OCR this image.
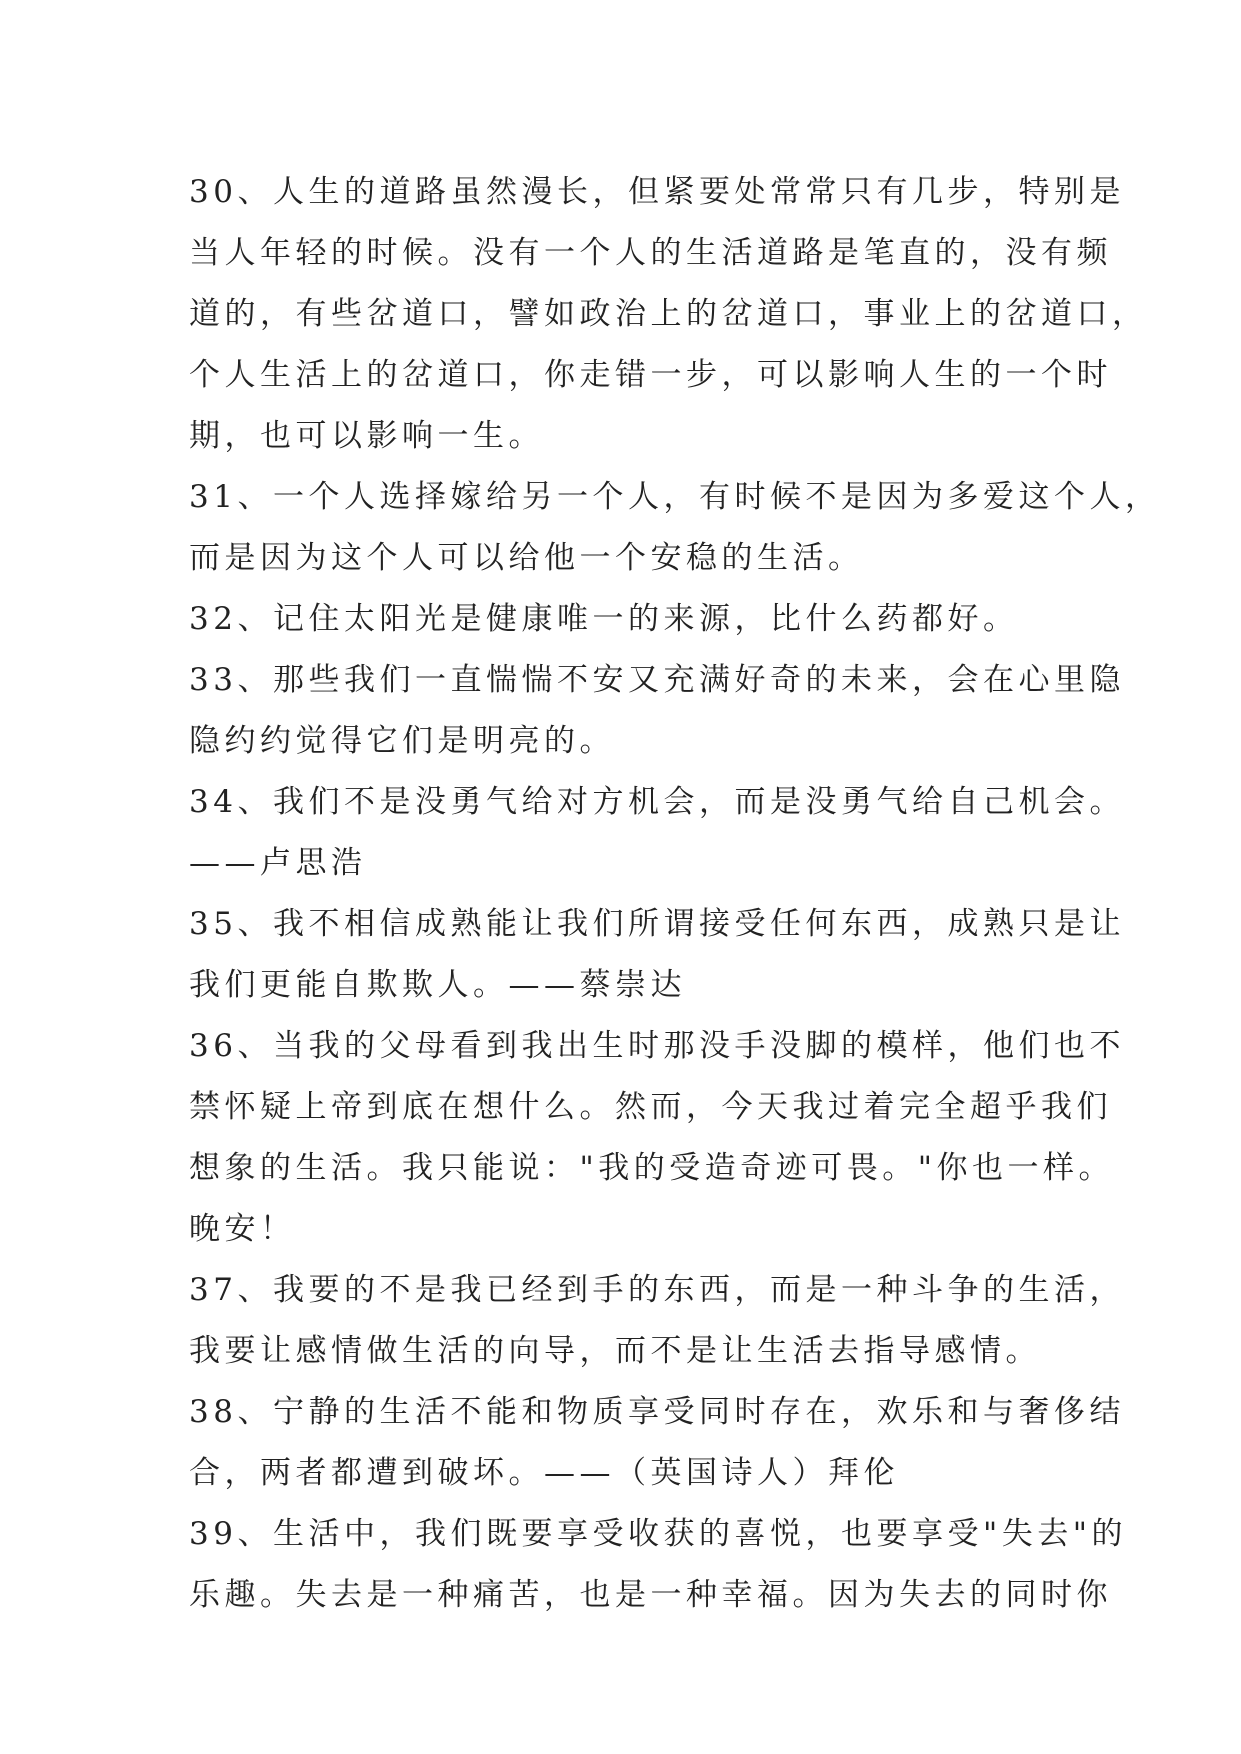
30、人生的道路虽然漫长，但紧要处常常只有几步，特别是
当人年轻的时候。没有一个人的生活道路是笔直的，没有频
道的，有些岔道口，譬如政治上的岔道口，事业上的岔道口，
个人生活上的岔道口，你走错一步，可以影响人生的一个时
期，也可以影响一生。
31、一个人选择嫁给另一个人，有时候不是因为多爱这个人，
而是因为这个人可以给他一个安稳的生活。
32、记住太阳光是健康唯一的来源，比什么药都好。
33、那些我们一直惴惴不安又充满好奇的未来，会在心里隐
隐约约觉得它们是明亮的。
34、我们不是没勇气给对方机会，而是没勇气给自己机会。
——卢思浩
35、我不相信成熟能让我们所谓接受任何东西，成熟只是让
我们更能自欺欺人。——蔡崇达
36、当我的父母看到我出生时那没手没脚的模样，他们也不
禁怀疑上帝到底在想什么。然而，今天我过着完全超乎我们
想象的生活。我只能说："我的受造奇迹可畏。"你也一样。
晚安！
37、我要的不是我已经到手的东西，而是一种斗争的生活，
我要让感情做生活的向导，而不是让生活去指导感情。
38、宁静的生活不能和物质享受同时存在，欢乐和与奢侈结
合，两者都遭到破坏。——（英国诗人）拜伦
39、生活中，我们既要享受收获的喜悦，也要享受"失去"的
乐趣。失去是一种痛苦，也是一种幸福。因为失去的同时你
